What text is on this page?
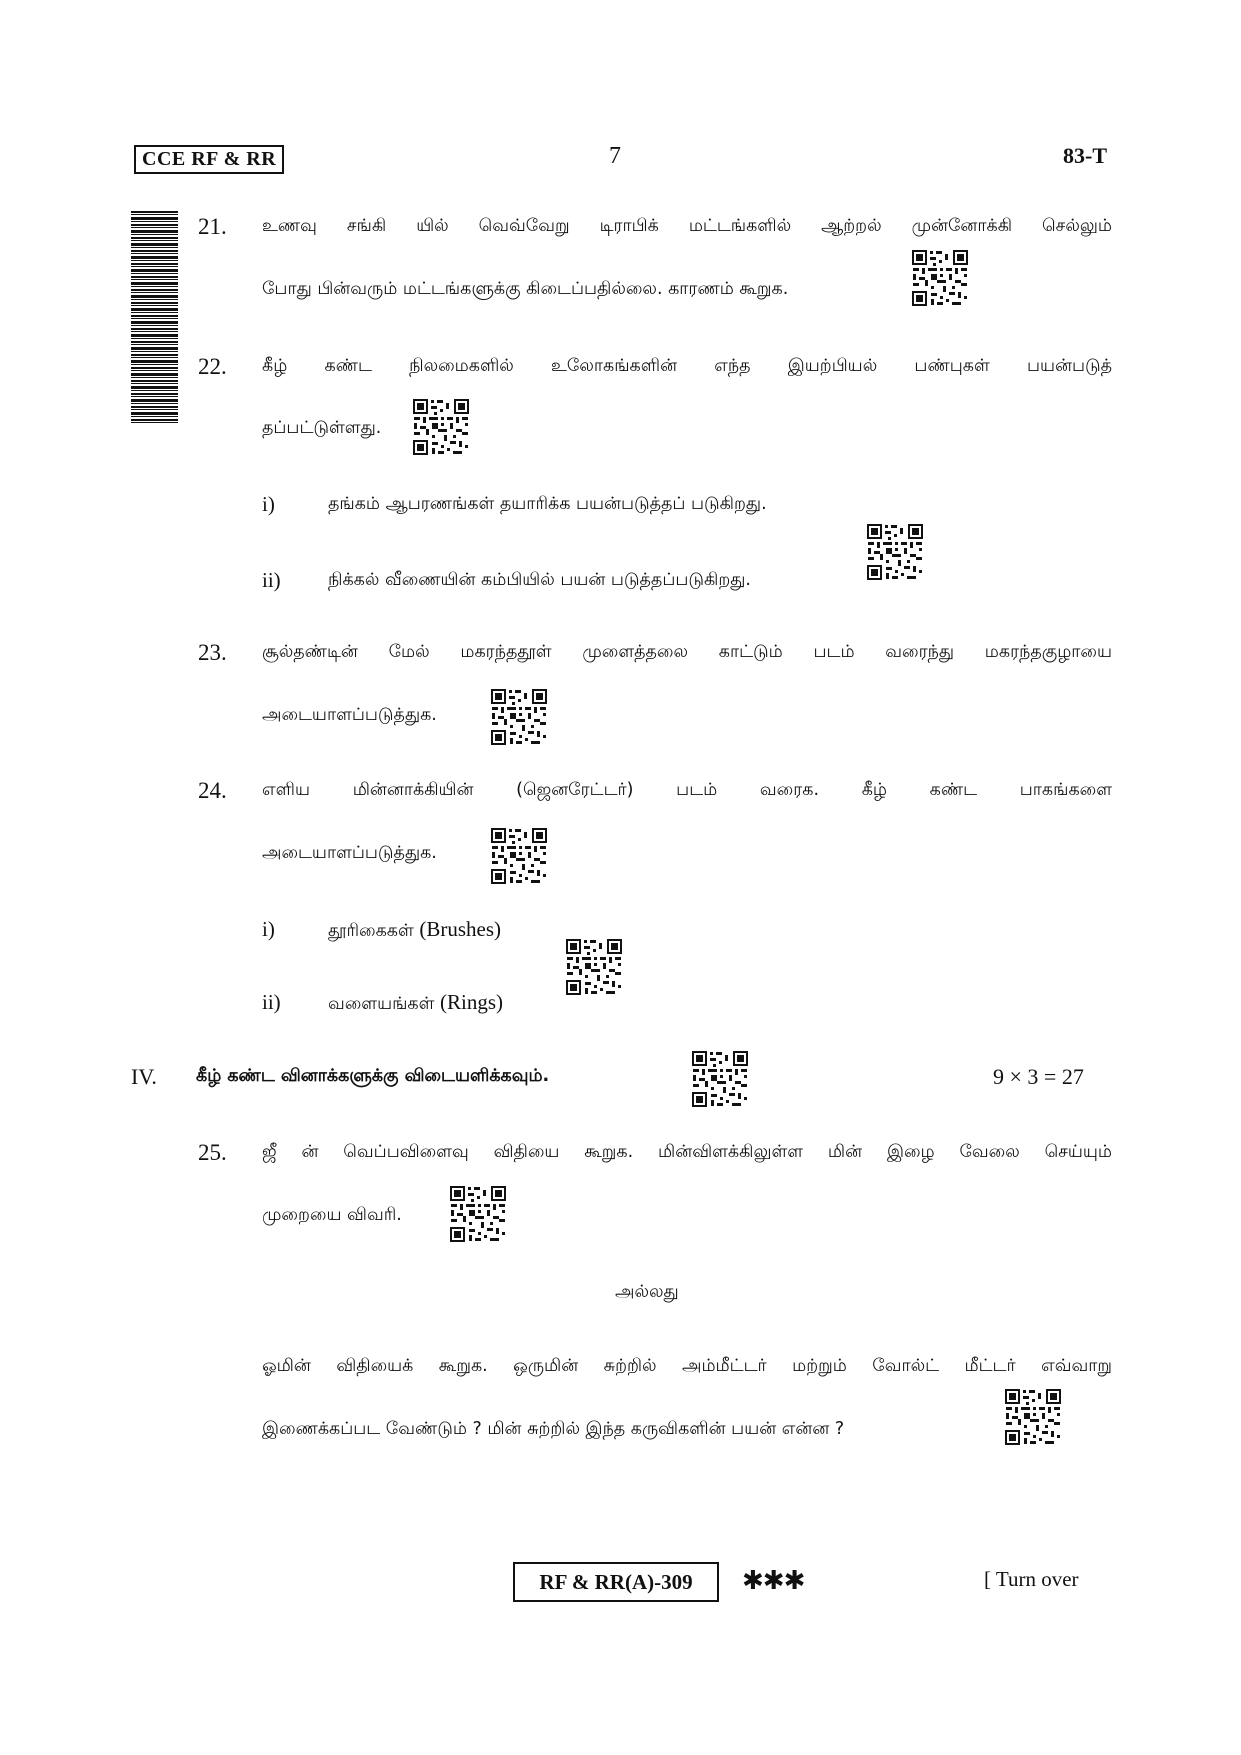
CCE RF & RR	7	83-T
21. உணவு சங்கி யில் வெவ்வேறு டிராபிக் மட்டங்களில் ஆற்றல் முன்னோக்கி செல்லும்
போது பின்வரும் மட்டங்களுக்கு கிடைப்பதில்லை. காரணம் கூறுக.
22. கீழ் கண்ட நிலமைகளில் உலோகங்களின் எந்த இயற்பியல் பண்புகள் பயன்படுத்
தப்பட்டுள்ளது.
i)	தங்கம் ஆபரணங்கள் தயாரிக்க பயன்படுத்தப் படுகிறது.
ii)	நிக்கல் வீணையின் கம்பியில் பயன் படுத்தப்படுகிறது.
23. சூல்தண்டின் மேல் மகரந்ததூள் முளைத்தலை காட்டும் படம் வரைந்து மகரந்தகுழாயை
அடையாளப்படுத்துக.
24. எளிய மின்னாக்கியின் (ஜெனரேட்டர்) படம் வரைக. கீழ் கண்ட பாகங்களை
அடையாளப்படுத்துக.
i)	தூரிகைகள் (Brushes)
ii)	வளையங்கள் (Rings)
IV. கீழ் கண்ட வினாக்களுக்கு விடையளிக்கவும்.	9 × 3 = 27
25. ஜீ ன் வெப்பவிளைவு விதியை கூறுக. மின்விளக்கிலுள்ள மின் இழை வேலை செய்யும்
முறையை விவரி.
அல்லது
ஓமின் விதியைக் கூறுக. ஒருமின் சுற்றில் அம்மீட்டர் மற்றும் வோல்ட் மீட்டர் எவ்வாறு
இணைக்கப்பட வேண்டும் ? மின் சுற்றில் இந்த கருவிகளின் பயன் என்ன ?
RF & RR(A)-309	✱✱✱	[ Turn over
